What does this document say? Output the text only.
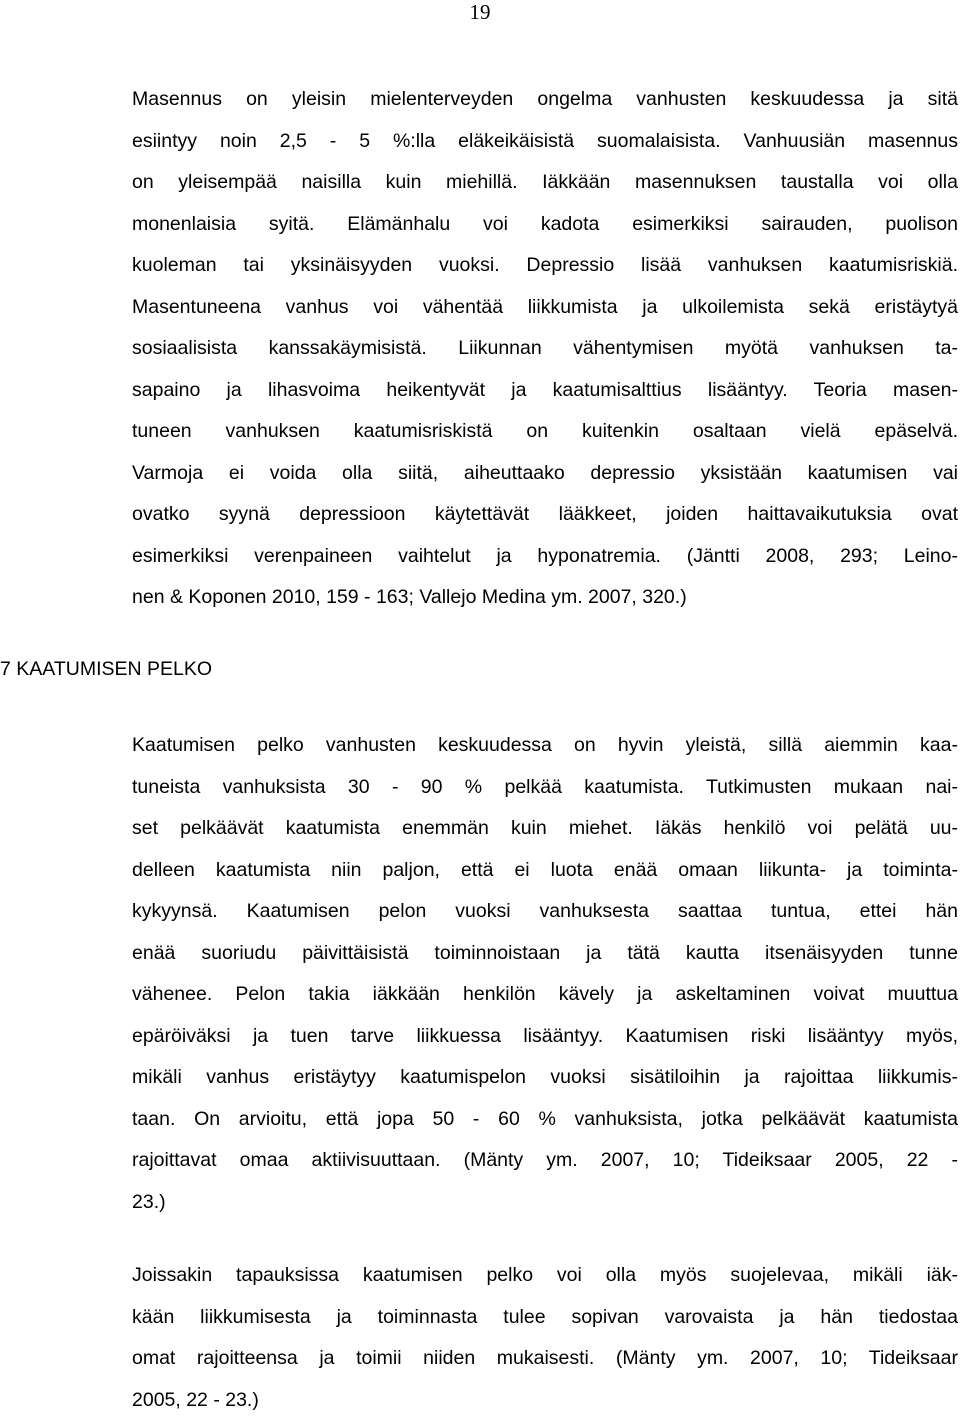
19

Masennus on yleisin mielenterveyden ongelma vanhusten keskuudessa ja sitä
esiintyy noin 2,5 - 5 %:lla eläkeikäisistä suomalaisista. Vanhuusiän masennus
on yleisempää naisilla kuin miehillä. Iäkkään masennuksen taustalla voi olla
monenlaisia syitä. Elämänhalu voi kadota esimerkiksi sairauden, puolison
kuoleman tai yksinäisyyden vuoksi. Depressio lisää vanhuksen kaatumisriskiä.
Masentuneena vanhus voi vähentää liikkumista ja ulkoilemista sekä eristäytyä
sosiaalisista kanssakäymisistä. Liikunnan vähentymisen myötä vanhuksen ta-
sapaino ja lihasvoima heikentyvät ja kaatumisalttius lisääntyy. Teoria masen-
tuneen vanhuksen kaatumisriskistä on kuitenkin osaltaan vielä epäselvä.
Varmoja ei voida olla siitä, aiheuttaako depressio yksistään kaatumisen vai
ovatko syynä depressioon käytettävät lääkkeet, joiden haittavaikutuksia ovat
esimerkiksi verenpaineen vaihtelut ja hyponatremia. (Jäntti 2008, 293; Leino-
nen & Koponen 2010, 159 - 163; Vallejo Medina ym. 2007, 320.)

7 KAATUMISEN PELKO

Kaatumisen pelko vanhusten keskuudessa on hyvin yleistä, sillä aiemmin kaa-
tuneista vanhuksista 30 - 90 % pelkää kaatumista. Tutkimusten mukaan nai-
set pelkäävät kaatumista enemmän kuin miehet. Iäkäs henkilö voi pelätä uu-
delleen kaatumista niin paljon, että ei luota enää omaan liikunta- ja toiminta-
kykyynsä. Kaatumisen pelon vuoksi vanhuksesta saattaa tuntua, ettei hän
enää suoriudu päivittäisistä toiminnoistaan ja tätä kautta itsenäisyyden tunne
vähenee. Pelon takia iäkkään henkilön kävely ja askeltaminen voivat muuttua
epäröiväksi ja tuen tarve liikkuessa lisääntyy. Kaatumisen riski lisääntyy myös,
mikäli vanhus eristäytyy kaatumispelon vuoksi sisätiloihin ja rajoittaa liikkumis-
taan. On arvioitu, että jopa 50 - 60 % vanhuksista, jotka pelkäävät kaatumista
rajoittavat omaa aktiivisuuttaan. (Mänty ym. 2007, 10; Tideiksaar 2005, 22 -
23.)

Joissakin tapauksissa kaatumisen pelko voi olla myös suojelevaa, mikäli iäk-
kään liikkumisesta ja toiminnasta tulee sopivan varovaista ja hän tiedostaa
omat rajoitteensa ja toimii niiden mukaisesti. (Mänty ym. 2007, 10; Tideiksaar
2005, 22 - 23.)
